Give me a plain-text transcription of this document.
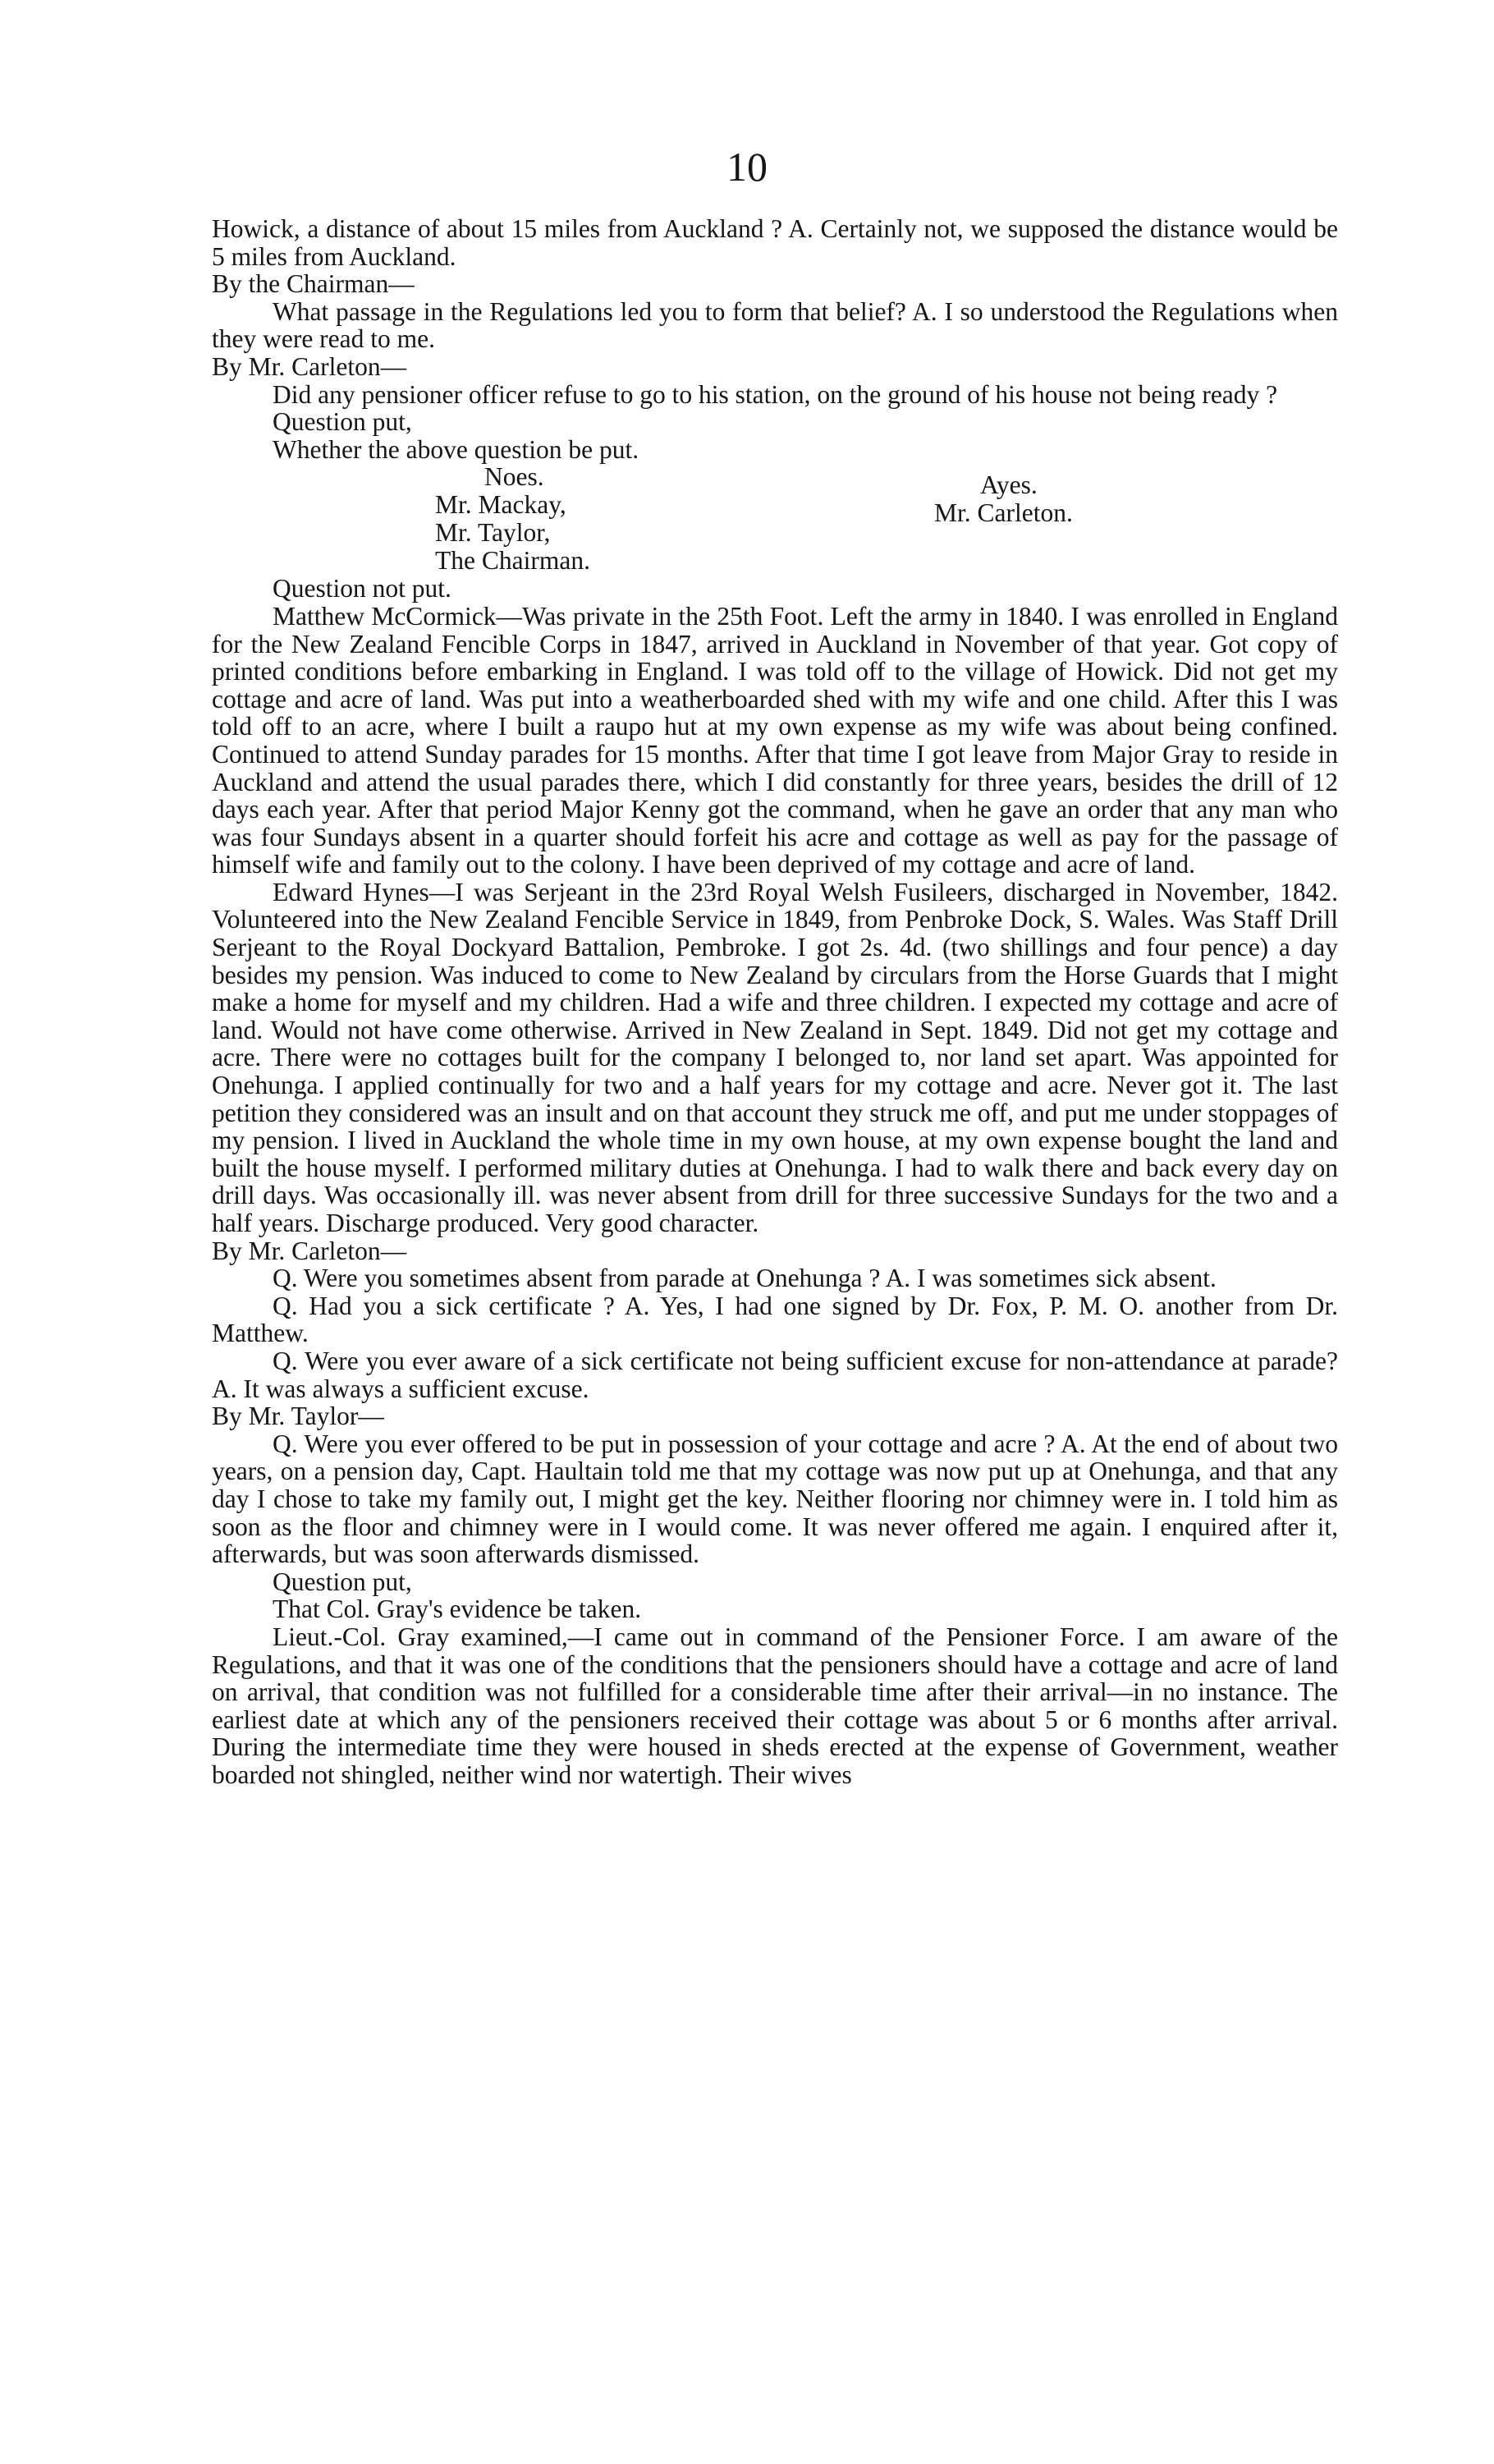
10

Howick, a distance of about 15 miles from Auckland ? A. Certainly not, we supposed the distance would be 5 miles from Auckland.

By the Chairman—

What passage in the Regulations led you to form that belief? A. I so understood the Regulations when they were read to me.

By Mr. Carleton—

Did any pensioner officer refuse to go to his station, on the ground of his house not being ready ?

Question put,

Whether the above question be put.

Noes.
Mr. Mackay,
Mr. Taylor,
The Chairman.
Ayes.
Mr. Carleton.

Question not put.

Matthew McCormick—Was private in the 25th Foot. Left the army in 1840. I was enrolled in England for the New Zealand Fencible Corps in 1847, arrived in Auckland in November of that year. Got copy of printed conditions before embarking in England. I was told off to the village of Howick. Did not get my cottage and acre of land. Was put into a weatherboarded shed with my wife and one child. After this I was told off to an acre, where I built a raupo hut at my own expense as my wife was about being confined. Continued to attend Sunday parades for 15 months. After that time I got leave from Major Gray to reside in Auckland and attend the usual parades there, which I did constantly for three years, besides the drill of 12 days each year. After that period Major Kenny got the command, when he gave an order that any man who was four Sundays absent in a quarter should forfeit his acre and cottage as well as pay for the passage of himself wife and family out to the colony. I have been deprived of my cottage and acre of land.

Edward Hynes—I was Serjeant in the 23rd Royal Welsh Fusileers, discharged in November, 1842. Volunteered into the New Zealand Fencible Service in 1849, from Penbroke Dock, S. Wales. Was Staff Drill Serjeant to the Royal Dockyard Battalion, Pembroke. I got 2s. 4d. (two shillings and four pence) a day besides my pension. Was induced to come to New Zealand by circulars from the Horse Guards that I might make a home for myself and my children. Had a wife and three children. I expected my cottage and acre of land. Would not have come otherwise. Arrived in New Zealand in Sept. 1849. Did not get my cottage and acre. There were no cottages built for the company I belonged to, nor land set apart. Was appointed for Onehunga. I applied continually for two and a half years for my cottage and acre. Never got it. The last petition they considered was an insult and on that account they struck me off, and put me under stoppages of my pension. I lived in Auckland the whole time in my own house, at my own expense bought the land and built the house myself. I performed military duties at Onehunga. I had to walk there and back every day on drill days. Was occasionally ill. was never absent from drill for three successive Sundays for the two and a half years. Discharge produced. Very good character.

By Mr. Carleton—

Q. Were you sometimes absent from parade at Onehunga ? A. I was sometimes sick absent.

Q. Had you a sick certificate ? A. Yes, I had one signed by Dr. Fox, P. M. O. another from Dr. Matthew.

Q. Were you ever aware of a sick certificate not being sufficient excuse for non-attendance at parade? A. It was always a sufficient excuse.

By Mr. Taylor—

Q. Were you ever offered to be put in possession of your cottage and acre ? A. At the end of about two years, on a pension day, Capt. Haultain told me that my cottage was now put up at Onehunga, and that any day I chose to take my family out, I might get the key. Neither flooring nor chimney were in. I told him as soon as the floor and chimney were in I would come. It was never offered me again. I enquired after it, afterwards, but was soon afterwards dismissed.

Question put,

That Col. Gray's evidence be taken.

Lieut.-Col. Gray examined,—I came out in command of the Pensioner Force. I am aware of the Regulations, and that it was one of the conditions that the pensioners should have a cottage and acre of land on arrival, that condition was not fulfilled for a considerable time after their arrival—in no instance. The earliest date at which any of the pensioners received their cottage was about 5 or 6 months after arrival. During the intermediate time they were housed in sheds erected at the expense of Government, weather boarded not shingled, neither wind nor watertigh. Their wives
